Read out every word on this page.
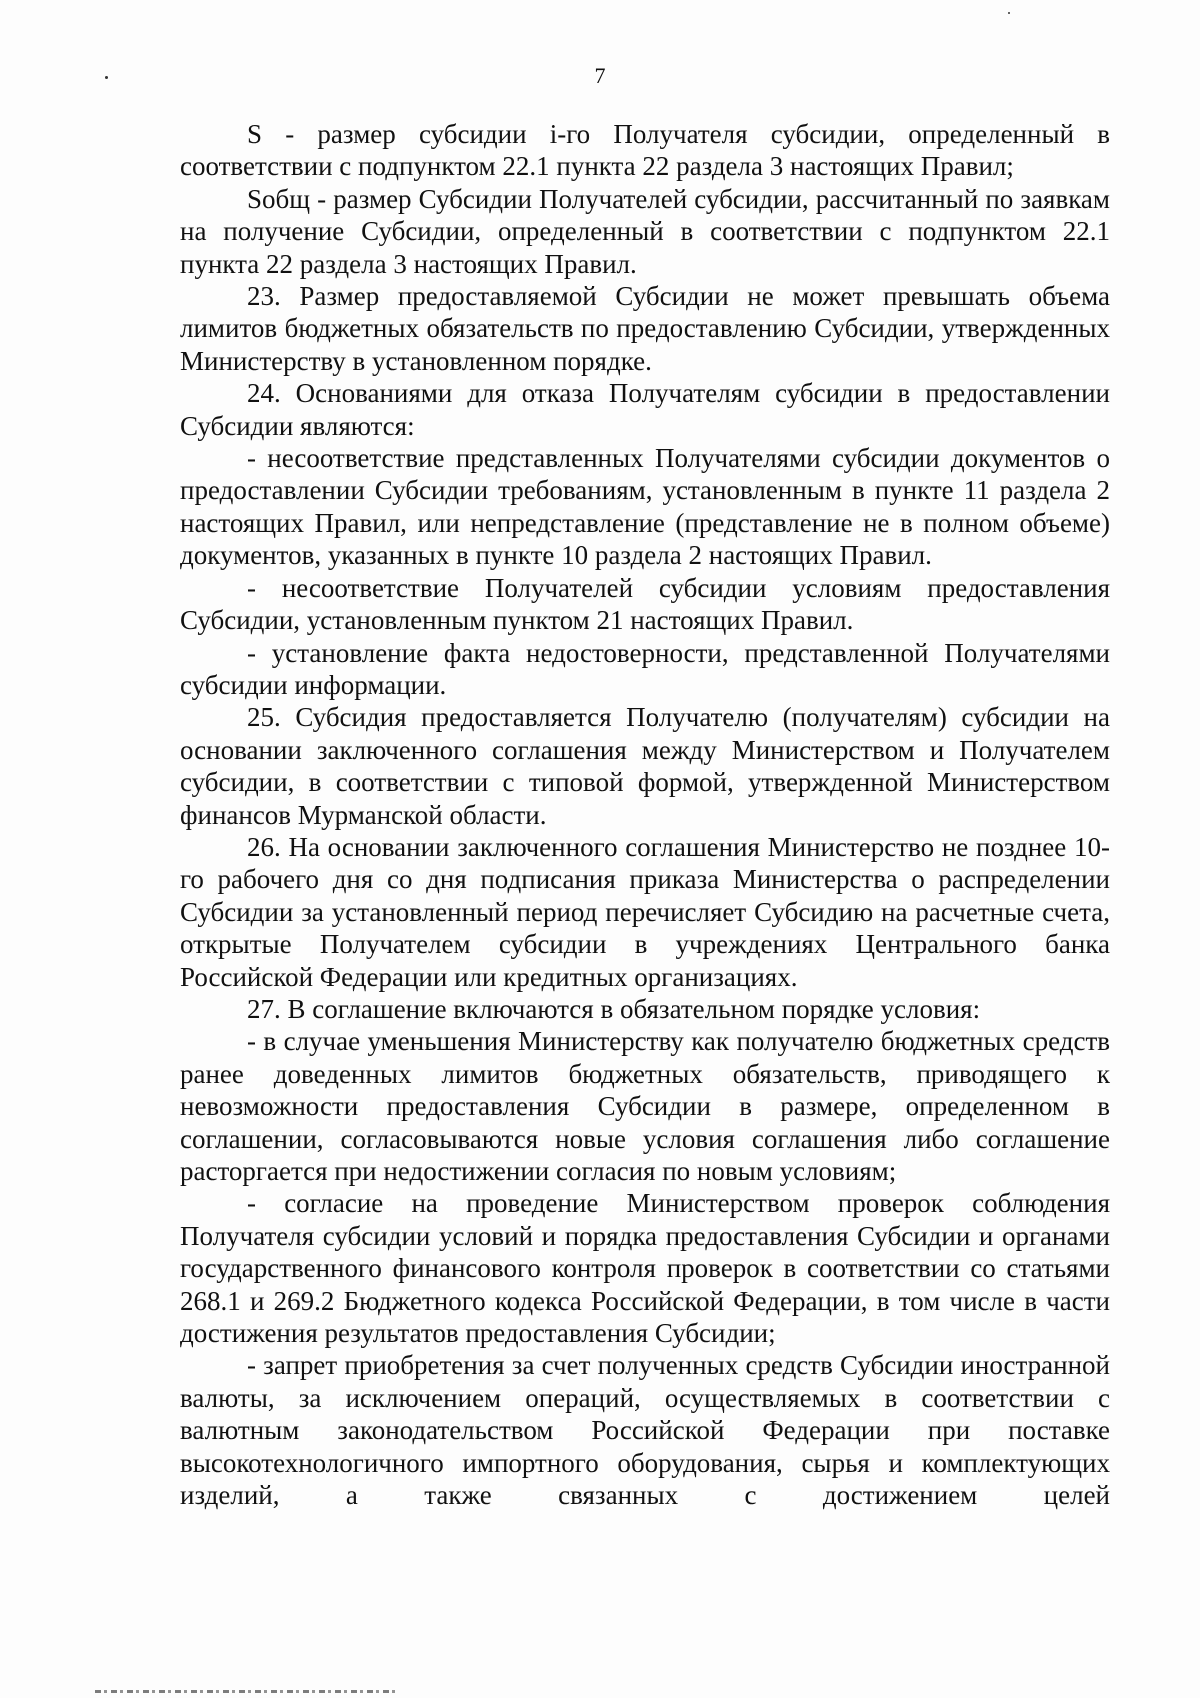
7

S - размер субсидии i-го Получателя субсидии, определенный в соответствии с подпунктом 22.1 пункта 22 раздела 3 настоящих Правил;

Sобщ - размер Субсидии Получателей субсидии, рассчитанный по заявкам на получение Субсидии, определенный в соответствии с подпунктом 22.1 пункта 22 раздела 3 настоящих Правил.

23. Размер предоставляемой Субсидии не может превышать объема лимитов бюджетных обязательств по предоставлению Субсидии, утвержденных Министерству в установленном порядке.

24. Основаниями для отказа Получателям субсидии в предоставлении Субсидии являются:

- несоответствие представленных Получателями субсидии документов о предоставлении Субсидии требованиям, установленным в пункте 11 раздела 2 настоящих Правил, или непредставление (представление не в полном объеме) документов, указанных в пункте 10 раздела 2 настоящих Правил.

- несоответствие Получателей субсидии условиям предоставления Субсидии, установленным пунктом 21 настоящих Правил.

- установление факта недостоверности, представленной Получателями субсидии информации.

25. Субсидия предоставляется Получателю (получателям) субсидии на основании заключенного соглашения между Министерством и Получателем субсидии, в соответствии с типовой формой, утвержденной Министерством финансов Мурманской области.

26. На основании заключенного соглашения Министерство не позднее 10-го рабочего дня со дня подписания приказа Министерства о распределении Субсидии за установленный период перечисляет Субсидию на расчетные счета, открытые Получателем субсидии в учреждениях Центрального банка Российской Федерации или кредитных организациях.

27. В соглашение включаются в обязательном порядке условия:

- в случае уменьшения Министерству как получателю бюджетных средств ранее доведенных лимитов бюджетных обязательств, приводящего к невозможности предоставления Субсидии в размере, определенном в соглашении, согласовываются новые условия соглашения либо соглашение расторгается при недостижении согласия по новым условиям;

- согласие на проведение Министерством проверок соблюдения Получателя субсидии условий и порядка предоставления Субсидии и органами государственного финансового контроля проверок в соответствии со статьями 268.1 и 269.2 Бюджетного кодекса Российской Федерации, в том числе в части достижения результатов предоставления Субсидии;

- запрет приобретения за счет полученных средств Субсидии иностранной валюты, за исключением операций, осуществляемых в соответствии с валютным законодательством Российской Федерации при поставке высокотехнологичного импортного оборудования, сырья и комплектующих изделий, а также связанных с достижением целей
